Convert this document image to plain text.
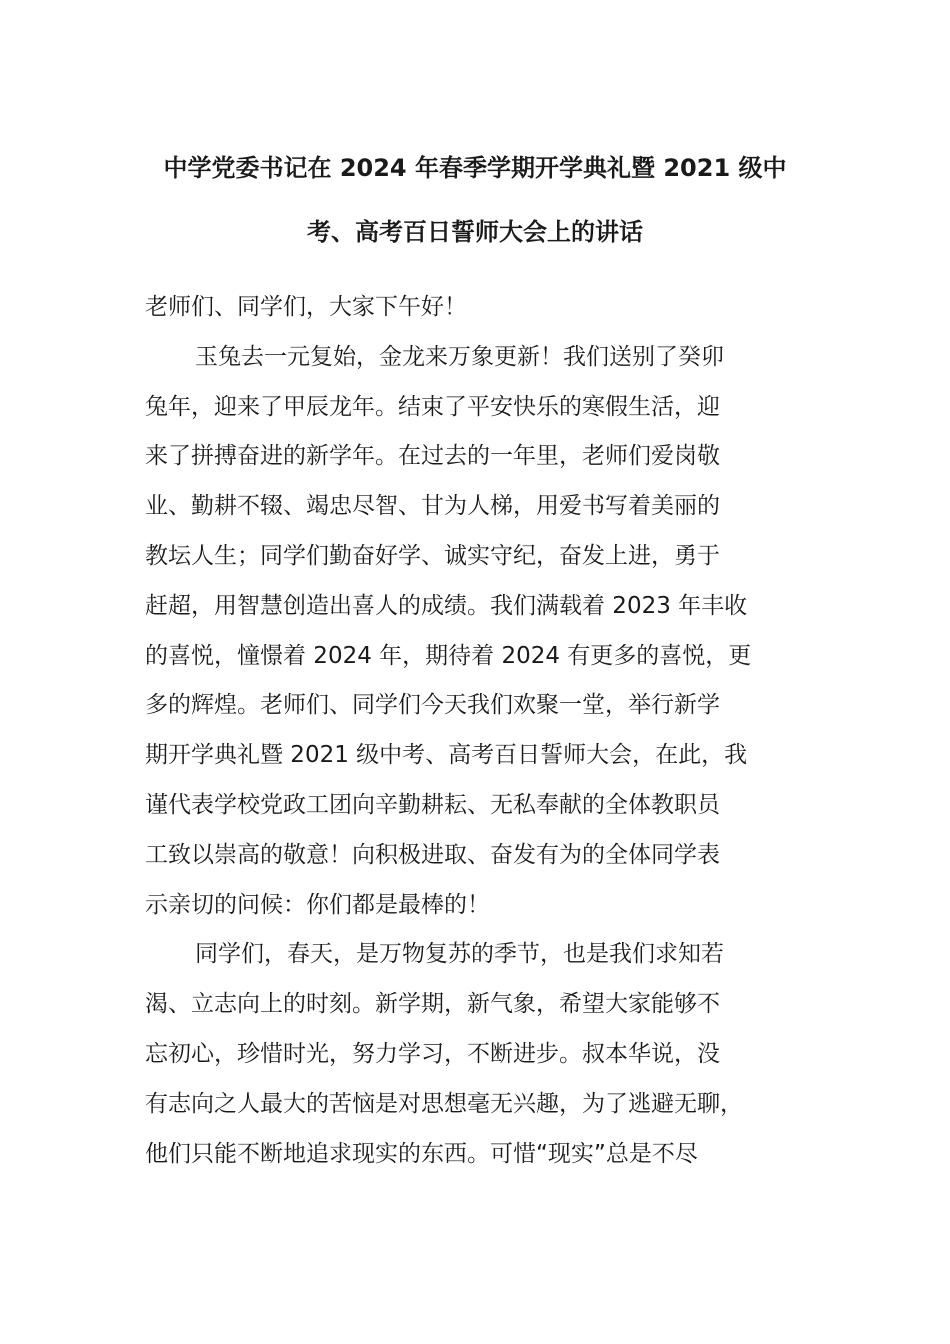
中学党委书记在 2024 年春季学期开学典礼暨 2021 级中
考、高考百日誓师大会上的讲话
老师们、同学们，大家下午好！
玉兔去一元复始，金龙来万象更新！我们送别了癸卯
兔年，迎来了甲辰龙年。结束了平安快乐的寒假生活，迎
来了拼搏奋进的新学年。在过去的一年里，老师们爱岗敬
业、勤耕不辍、竭忠尽智、甘为人梯，用爱书写着美丽的
教坛人生；同学们勤奋好学、诚实守纪，奋发上进，勇于
赶超，用智慧创造出喜人的成绩。我们满载着 2023 年丰收
的喜悦，憧憬着 2024 年，期待着 2024 有更多的喜悦，更
多的辉煌。老师们、同学们今天我们欢聚一堂，举行新学
期开学典礼暨 2021 级中考、高考百日誓师大会，在此，我
谨代表学校党政工团向辛勤耕耘、无私奉献的全体教职员
工致以崇高的敬意！向积极进取、奋发有为的全体同学表
示亲切的问候：你们都是最棒的！
同学们，春天，是万物复苏的季节，也是我们求知若
渴、立志向上的时刻。新学期，新气象，希望大家能够不
忘初心，珍惜时光，努力学习，不断进步。叔本华说，没
有志向之人最大的苦恼是对思想毫无兴趣，为了逃避无聊，
他们只能不断地追求现实的东西。可惜“现实”总是不尽
